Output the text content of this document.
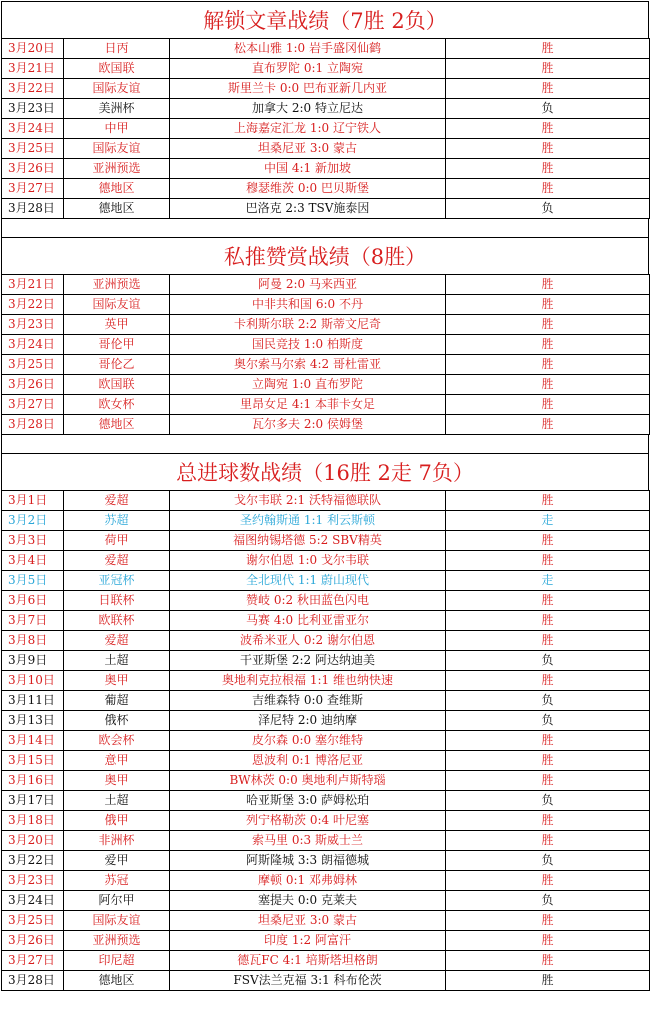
解锁文章战绩（7胜 2负）
3月20日	日丙	松本山雅 1:0 岩手盛冈仙鹤	胜
3月21日	欧国联	直布罗陀 0:1 立陶宛	胜
3月22日	国际友谊	斯里兰卡 0:0 巴布亚新几内亚	胜
3月23日	美洲杯	加拿大 2:0 特立尼达	负
3月24日	中甲	上海嘉定汇龙 1:0 辽宁铁人	胜
3月25日	国际友谊	坦桑尼亚 3:0 蒙古	胜
3月26日	亚洲预选	中国 4:1 新加坡	胜
3月27日	德地区	穆瑟维茨 0:0 巴贝斯堡	胜
3月28日	德地区	巴洛克 2:3 TSV施泰因	负
私推赞赏战绩（8胜）
3月21日	亚洲预选	阿曼 2:0 马来西亚	胜
3月22日	国际友谊	中非共和国 6:0 不丹	胜
3月23日	英甲	卡利斯尔联 2:2 斯蒂文尼奇	胜
3月24日	哥伦甲	国民竞技 1:0 柏斯度	胜
3月25日	哥伦乙	奥尔索马尔索 4:2 哥杜雷亚	胜
3月26日	欧国联	立陶宛 1:0 直布罗陀	胜
3月27日	欧女杯	里昂女足 4:1 本菲卡女足	胜
3月28日	德地区	瓦尔多夫 2:0 侯姆堡	胜
总进球数战绩（16胜 2走 7负）
3月1日	爱超	戈尔韦联 2:1 沃特福德联队	胜
3月2日	苏超	圣约翰斯通 1:1 利云斯顿	走
3月3日	荷甲	福图纳锡塔德 5:2 SBV精英	胜
3月4日	爱超	谢尔伯恩 1:0 戈尔韦联	胜
3月5日	亚冠杯	全北现代 1:1 蔚山现代	走
3月6日	日联杯	赞岐 0:2 秋田蓝色闪电	胜
3月7日	欧联杯	马赛 4:0 比利亚雷亚尔	胜
3月8日	爱超	波希米亚人 0:2 谢尔伯恩	胜
3月9日	土超	干亚斯堡 2:2 阿达纳迪美	负
3月10日	奥甲	奥地利克拉根福 1:1 维也纳快速	胜
3月11日	葡超	吉维森特 0:0 查维斯	负
3月13日	俄杯	泽尼特 2:0 迪纳摩	负
3月14日	欧会杯	皮尔森 0:0 塞尔维特	胜
3月15日	意甲	恩波利 0:1 博洛尼亚	胜
3月16日	奥甲	BW林茨 0:0 奥地利卢斯特瑙	胜
3月17日	土超	哈亚斯堡 3:0 萨姆松珀	负
3月18日	俄甲	列宁格勒茨 0:4 叶尼塞	胜
3月20日	非洲杯	索马里 0:3 斯威士兰	胜
3月22日	爱甲	阿斯隆城 3:3 朗福德城	负
3月23日	苏冠	摩顿 0:1 邓弗姆林	胜
3月24日	阿尔甲	塞提夫 0:0 克莱夫	负
3月25日	国际友谊	坦桑尼亚 3:0 蒙古	胜
3月26日	亚洲预选	印度 1:2 阿富汗	胜
3月27日	印尼超	德瓦FC 4:1 培斯塔坦格朗	胜
3月28日	德地区	FSV法兰克福 3:1 科布伦茨	胜
